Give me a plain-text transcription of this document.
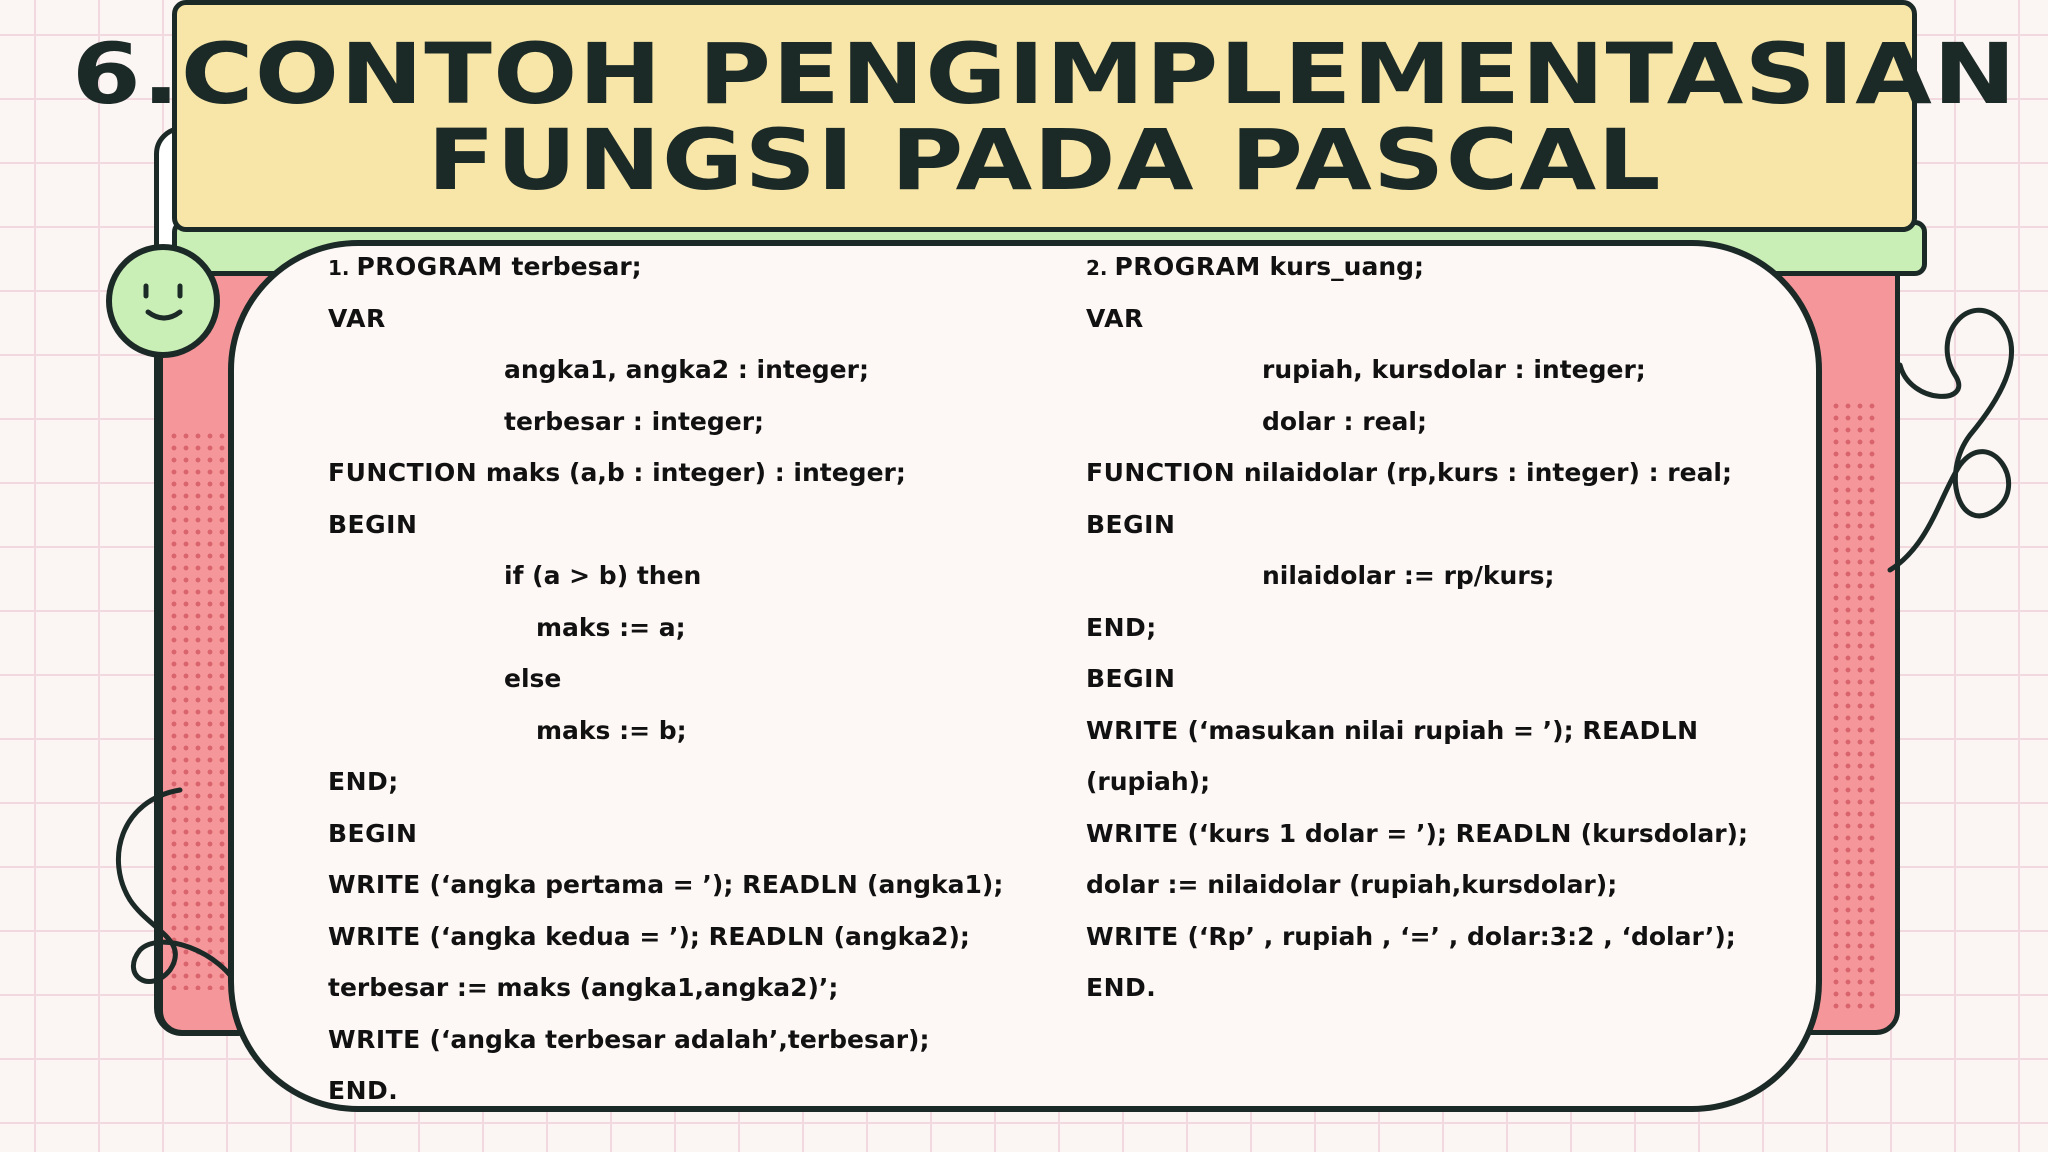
6.CONTOH PENGIMPLEMENTASIAN
FUNGSI PADA PASCAL
1. PROGRAM terbesar;
VAR
angka1, angka2 : integer;
terbesar : integer;
FUNCTION maks (a,b : integer) : integer;
BEGIN
if (a > b) then
maks := a;
else
maks := b;
END;
BEGIN
WRITE (‘angka pertama = ’); READLN (angka1);
WRITE (‘angka kedua = ’); READLN (angka2);
terbesar := maks (angka1,angka2)’;
WRITE (‘angka terbesar adalah’,terbesar);
END.
2. PROGRAM kurs_uang;
VAR
rupiah, kursdolar : integer;
dolar : real;
FUNCTION nilaidolar (rp,kurs : integer) : real;
BEGIN
nilaidolar := rp/kurs;
END;
BEGIN
WRITE (‘masukan nilai rupiah = ’); READLN
(rupiah);
WRITE (‘kurs 1 dolar = ’); READLN (kursdolar);
dolar := nilaidolar (rupiah,kursdolar);
WRITE (‘Rp’ , rupiah , ‘=’ , dolar:3:2 , ‘dolar’);
END.
